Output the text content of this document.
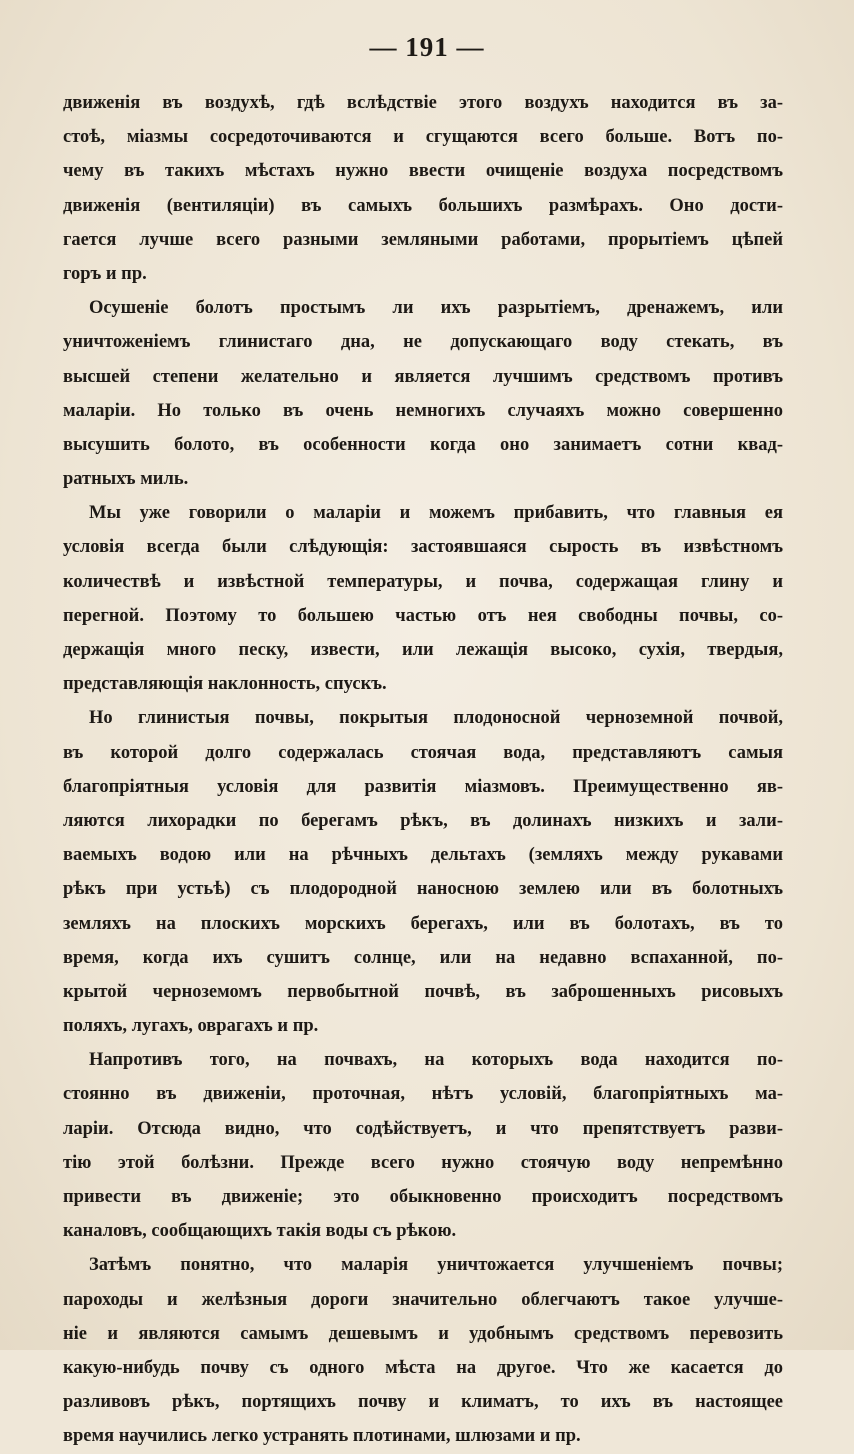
— 191 —
движенія въ воздухѣ, гдѣ вслѣдствіе этого воздухъ находится въ за-
стоѣ, міазмы сосредоточиваются и сгущаются всего больше. Вотъ по-
чему въ такихъ мѣстахъ нужно ввести очищеніе воздуха посредствомъ
движенія (вентиляціи) въ самыхъ большихъ размѣрахъ. Оно дости-
гается лучше всего разными земляными работами, прорытіемъ цѣпей
горъ и пр.
Осушеніе болотъ простымъ ли ихъ разрытіемъ, дренажемъ, или
уничтоженіемъ глинистаго дна, не допускающаго воду стекать, въ
высшей степени желательно и является лучшимъ средствомъ противъ
маларіи. Но только въ очень немногихъ случаяхъ можно совершенно
высушить болото, въ особенности когда оно занимаетъ сотни квад-
ратныхъ миль.
Мы уже говорили о маларіи и можемъ прибавить, что главныя ея
условія всегда были слѣдующія: застоявшаяся сырость въ извѣстномъ
количествѣ и извѣстной температуры, и почва, содержащая глину и
перегной. Поэтому то большею частью отъ нея свободны почвы, со-
держащія много песку, извести, или лежащія высоко, сухія, твердыя,
представляющія наклонность, спускъ.
Но глинистыя почвы, покрытыя плодоносной черноземной почвой,
въ которой долго содержалась стоячая вода, представляютъ самыя
благопріятныя условія для развитія міазмовъ. Преимущественно яв-
ляются лихорадки по берегамъ рѣкъ, въ долинахъ низкихъ и зали-
ваемыхъ водою или на рѣчныхъ дельтахъ (земляхъ между рукавами
рѣкъ при устьѣ) съ плодородной наносною землею или въ болотныхъ
земляхъ на плоскихъ морскихъ берегахъ, или въ болотахъ, въ то
время, когда ихъ сушитъ солнце, или на недавно вспаханной, по-
крытой черноземомъ первобытной почвѣ, въ заброшенныхъ рисовыхъ
поляхъ, лугахъ, оврагахъ и пр.
Напротивъ того, на почвахъ, на которыхъ вода находится по-
стоянно въ движеніи, проточная, нѣтъ условій, благопріятныхъ ма-
ларіи. Отсюда видно, что содѣйствуетъ, и что препятствуетъ разви-
тію этой болѣзни. Прежде всего нужно стоячую воду непремѣнно
привести въ движеніе; это обыкновенно происходитъ посредствомъ
каналовъ, сообщающихъ такія воды съ рѣкою.
Затѣмъ понятно, что маларія уничтожается улучшеніемъ почвы;
пароходы и желѣзныя дороги значительно облегчаютъ такое улучше-
ніе и являются самымъ дешевымъ и удобнымъ средствомъ перевозить
какую-нибудь почву съ одного мѣста на другое. Что же касается до
разливовъ рѣкъ, портящихъ почву и климатъ, то ихъ въ настоящее
время научились легко устранять плотинами, шлюзами и пр.
